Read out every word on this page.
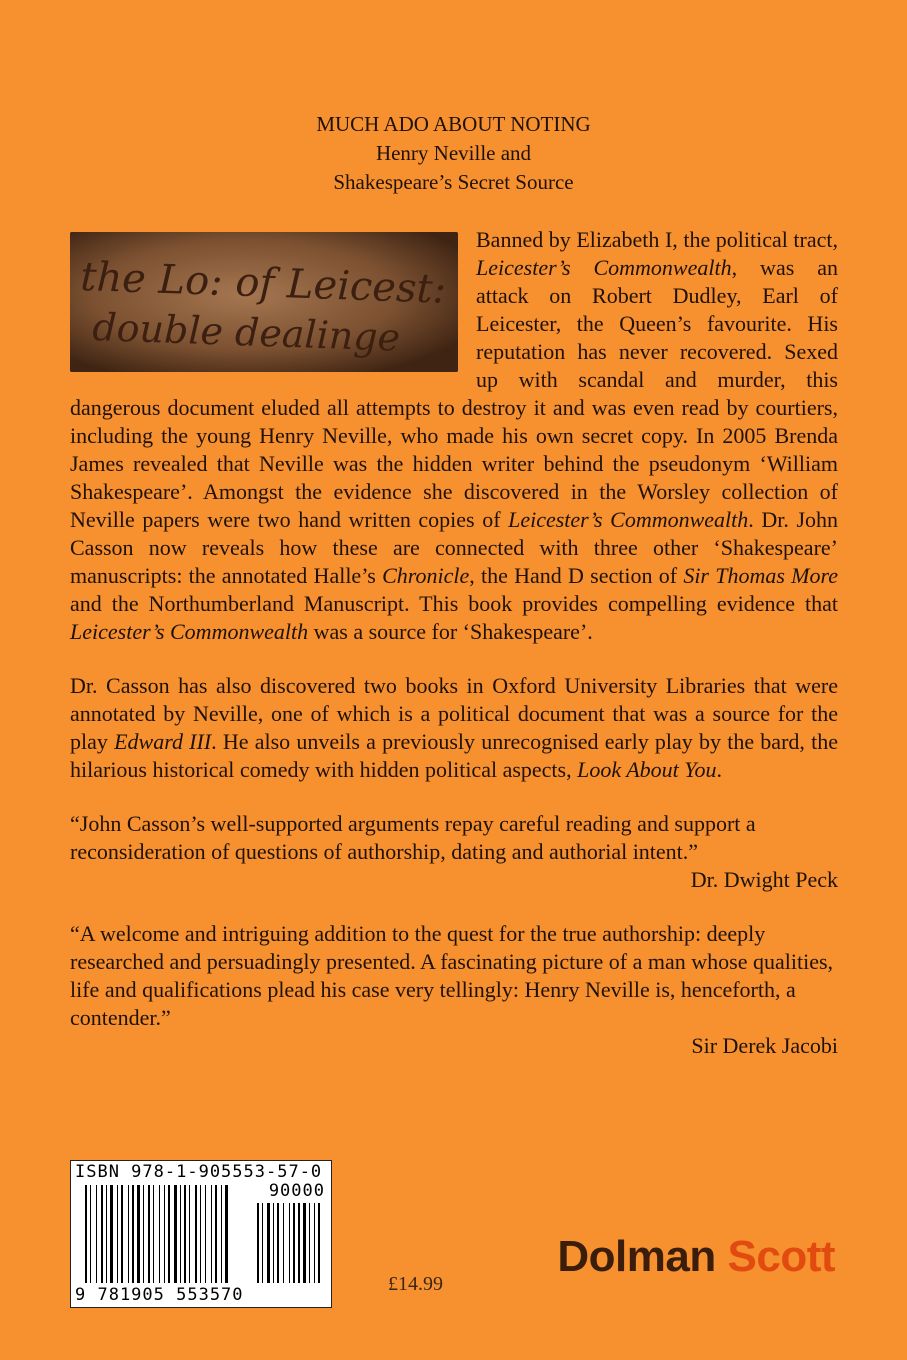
MUCH ADO ABOUT NOTING
Henry Neville and
Shakespeare’s Secret Source
the Lo: of Leicest:
double dealinge

Banned by Elizabeth I, the political tract, Leicester’s Commonwealth, was an attack on Robert Dudley, Earl of Leicester, the Queen’s favourite. His reputation has never recovered. Sexed up with scandal and murder, this dangerous document eluded all attempts to destroy it and was even read by courtiers, including the young Henry Neville, who made his own secret copy. In 2005 Brenda James revealed that Neville was the hidden writer behind the pseudonym ‘William Shakespeare’. Amongst the evidence she discovered in the Worsley collection of Neville papers were two hand written copies of Leicester’s Commonwealth. Dr. John Casson now reveals how these are connected with three other ‘Shakespeare’ manuscripts: the annotated Halle’s Chronicle, the Hand D section of Sir Thomas More and the Northumberland Manuscript. This book provides compelling evidence that Leicester’s Commonwealth was a source for ‘Shakespeare’.

Dr. Casson has also discovered two books in Oxford University Libraries that were annotated by Neville, one of which is a political document that was a source for the play Edward III. He also unveils a previously unrecognised early play by the bard, the hilarious historical comedy with hidden political aspects, Look About You.

“John Casson’s well-supported arguments repay careful reading and support a reconsideration of questions of authorship, dating and authorial intent.”

Dr. Dwight Peck

“A welcome and intriguing addition to the quest for the true authorship: deeply researched and persuadingly presented. A fascinating picture of a man whose qualities, life and qualifications plead his case very tellingly: Henry Neville is, henceforth, a contender.”

Sir Derek Jacobi
ISBN 978-1-905553-57-0
90000
9 781905 553570	£14.99
Dolman Scott
